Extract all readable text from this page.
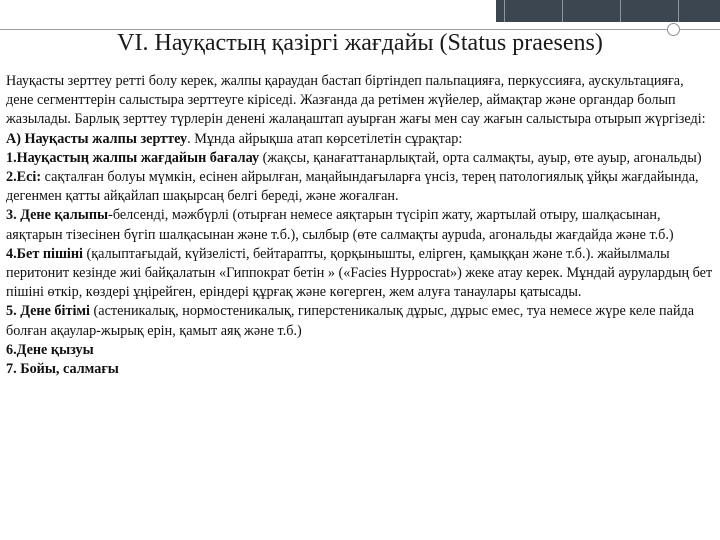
VI. Науқастың қазіргі жағдайы (Status praesens)

Науқасты зерттеу ретті болу керек, жалпы қараудан бастап біртіндеп пальпацияға, перкуссияға, аускультацияға, дене сегменттерін салыстыра зерттеуге кіріседі. Жазғанда да ретімен жүйелер, аймақтар және органдар болып жазылады. Барлық зерттеу түрлерін денені жалаңаштап ауырған жағы мен сау жағын салыстыра отырып жүргізеді:

А) Науқасты жалпы зерттеу. Мұнда айрықша атап көрсетілетін сұрақтар:

1.Науқастың жалпы жағдайын бағалау (жақсы, қанағаттанарлықтай, орта салмақты, ауыр, өте ауыр, агональды)

2.Есі: сақталған болуы мүмкін, есінен айрылған, маңайындағыларға үнсіз, терең патологиялық ұйқы жағдайында, дегенмен қатты айқайлап шақырсаң белгі береді, және жоғалған.

3. Дене қалыпы-белсенді, мәжбүрлі (отырған немесе аяқтарын түсіріп жату, жартылай отыру, шалқасынан, аяқтарын тізесінен бүгіп шалқасынан және т.б.), сылбыр (өте салмақты аурuda, агональды жағдайда және т.б.)

4.Бет пішіні (қалыптағыдай, күйзелісті, бейтарапты, қорқынышты, елірген, қамыққан және т.б.). жайылмалы перитонит кезінде жиі байқалатын «Гиппократ бетін » («Facies Hyppocrat») жеке атау керек. Мұндай аурулардың бет пішіні өткір, көздері ұңірейген, еріндері құрғақ және көгерген, жем алуға танаулары қатысады.

5. Дене бітімі (астеникалық, нормостеникалық, гиперстеникалық дұрыс, дұрыс емес, туа немесе жүре келе пайда болған ақаулар-жырық ерін, қамыт аяқ және т.б.)

6.Дене қызуы

7. Бойы, салмағы
